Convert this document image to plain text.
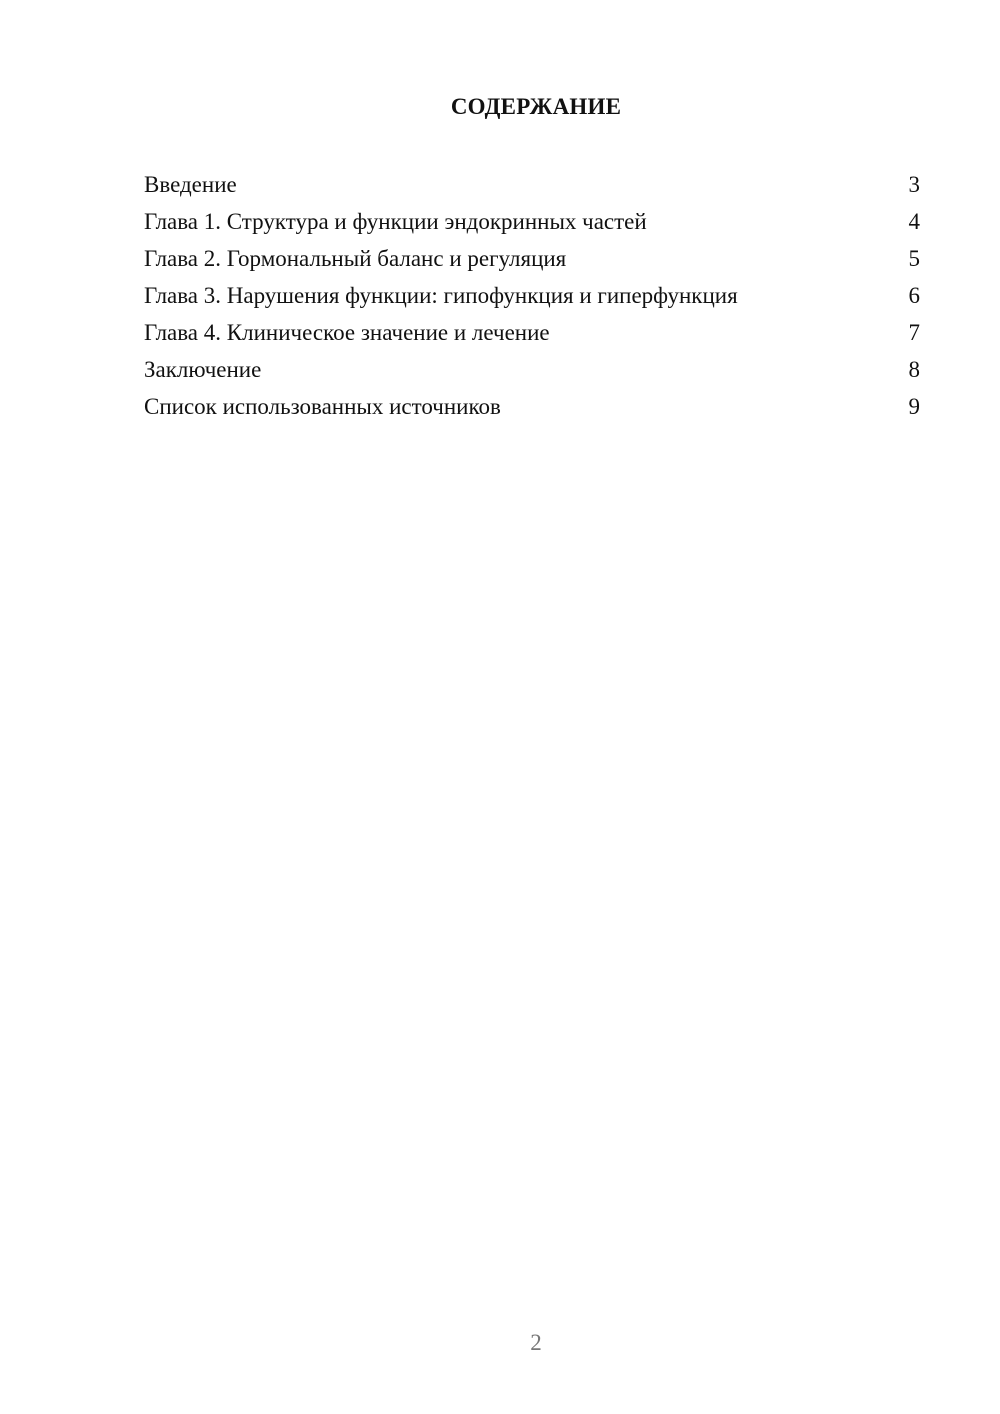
СОДЕРЖАНИЕ
Введение	3
Глава 1. Структура и функции эндокринных частей	4
Глава 2. Гормональный баланс и регуляция	5
Глава 3. Нарушения функции: гипофункция и гиперфункция	6
Глава 4. Клиническое значение и лечение	7
Заключение	8
Список использованных источников	9
2
